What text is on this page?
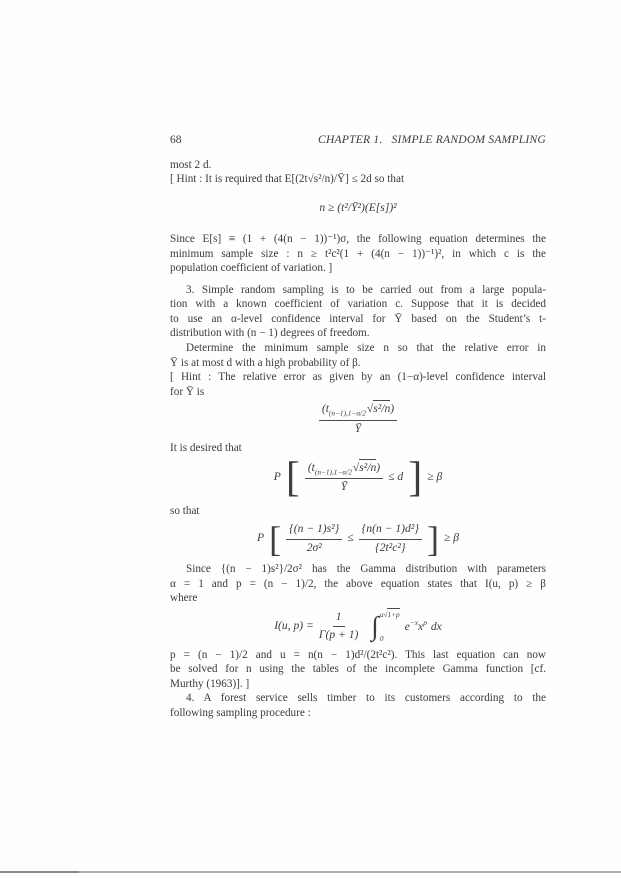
68	CHAPTER 1. SIMPLE RANDOM SAMPLING
most 2 d.
[ Hint : It is required that E[(2t√s²/n)/Ȳ] ≤ 2d so that
n ≥ (t²/Ȳ²)(E[s])²
Since E[s] ≡ (1 + (4(n − 1))⁻¹)σ, the following equation determines the
minimum sample size : n ≥ t²c²(1 + (4(n − 1))⁻¹)², in which c is the
population coefficient of variation. ]
3. Simple random sampling is to be carried out from a large popula-
tion with a known coefficient of variation c. Suppose that it is decided
to use an α-level confidence interval for Ȳ based on the Student’s t-
distribution with (n − 1) degrees of freedom.
Determine the minimum sample size n so that the relative error in
Ȳ is at most d with a high probability of β.
[ Hint : The relative error as given by an (1−α)-level confidence interval
for Ȳ is
$\frac{(t_{(n-1),1-\alpha/2}√s^2/n)}{Ȳ}$
It is desired that
P [ $\frac{(t_{(n-1),1-\alpha/2}√s^2/n)}{Ȳ} \le d$ ] ≥ β
so that
P [ $\frac{\text{\{(n − 1)s²\}}}{\text{2σ²}} \le \frac{\text{\{n(n − 1)d²\}}}{\text{\{2t²c²\}}}$ ] ≥ β
Since {(n − 1)s²}/2σ² has the Gamma distribution with parameters
α = 1 and p = (n − 1)/2, the above equation states that I(u, p) ≥ β
where
I(u, $p) = \frac{1}{\Gamma(p + 1)}$ ∫ u√1+p
0
$e^{-x}x^p$ dx
p = (n − 1)/2 and u = n(n − 1)d²/(2t²c²). This last equation can now
be solved for n using the tables of the incomplete Gamma function [cf.
Murthy (1963)]. ]
4. A forest service sells timber to its customers according to the
following sampling procedure :
